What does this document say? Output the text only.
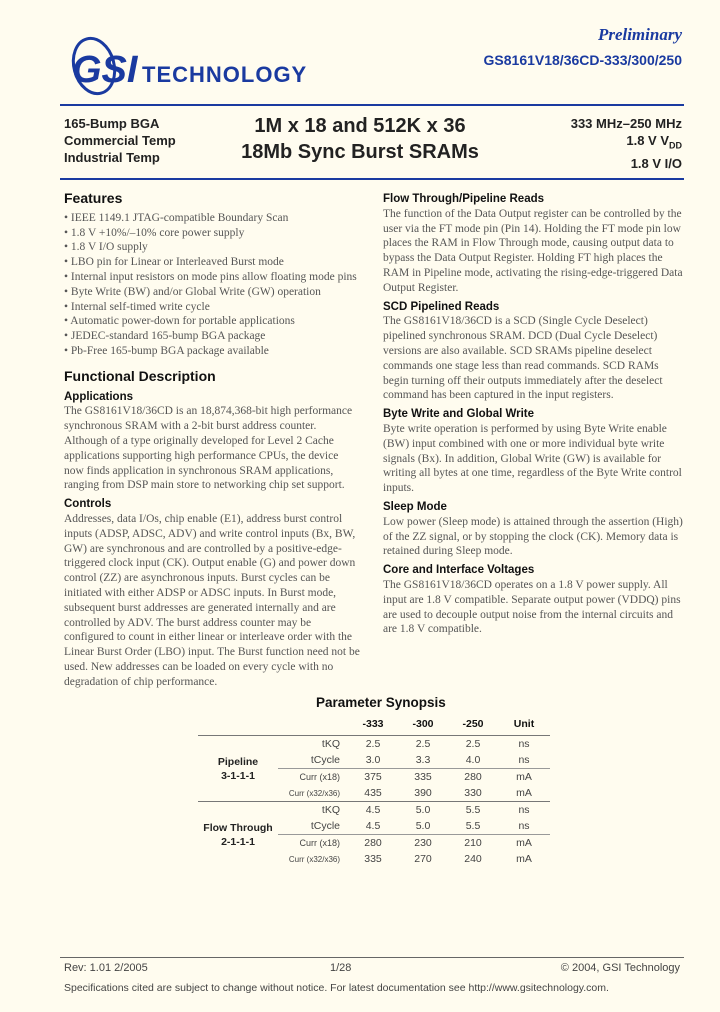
GSI TECHNOLOGY
Preliminary
GS8161V18/36CD-333/300/250
165-Bump BGA
Commercial Temp
Industrial Temp
1M x 18 and 512K x 36
18Mb Sync Burst SRAMs
333 MHz–250 MHz
1.8 V $V_{DD}$
1.8 V I/O
Features
• IEEE 1149.1 JTAG-compatible Boundary Scan
• 1.8 V +10%/–10% core power supply
• 1.8 V I/O supply
• LBO pin for Linear or Interleaved Burst mode
• Internal input resistors on mode pins allow floating mode pins
• Byte Write (BW) and/or Global Write (GW) operation
• Internal self-timed write cycle
• Automatic power-down for portable applications
• JEDEC-standard 165-bump BGA package
• Pb-Free 165-bump BGA package available
Functional Description
Applications
The GS8161V18/36CD is an 18,874,368-bit high performance synchronous SRAM with a 2-bit burst address counter. Although of a type originally developed for Level 2 Cache applications supporting high performance CPUs, the device now finds application in synchronous SRAM applications, ranging from DSP main store to networking chip set support.
Controls
Addresses, data I/Os, chip enable (E1), address burst control inputs (ADSP, ADSC, ADV) and write control inputs (Bx, BW, GW) are synchronous and are controlled by a positive-edge-triggered clock input (CK). Output enable (G) and power down control (ZZ) are asynchronous inputs. Burst cycles can be initiated with either ADSP or ADSC inputs. In Burst mode, subsequent burst addresses are generated internally and are controlled by ADV. The burst address counter may be configured to count in either linear or interleave order with the Linear Burst Order (LBO) input. The Burst function need not be used. New addresses can be loaded on every cycle with no degradation of chip performance.
Flow Through/Pipeline Reads
The function of the Data Output register can be controlled by the user via the FT mode pin (Pin 14). Holding the FT mode pin low places the RAM in Flow Through mode, causing output data to bypass the Data Output Register. Holding FT high places the RAM in Pipeline mode, activating the rising-edge-triggered Data Output Register.
SCD Pipelined Reads
The GS8161V18/36CD is a SCD (Single Cycle Deselect) pipelined synchronous SRAM. DCD (Dual Cycle Deselect) versions are also available. SCD SRAMs pipeline deselect commands one stage less than read commands. SCD RAMs begin turning off their outputs immediately after the deselect command has been captured in the input registers.
Byte Write and Global Write
Byte write operation is performed by using Byte Write enable (BW) input combined with one or more individual byte write signals (Bx). In addition, Global Write (GW) is available for writing all bytes at one time, regardless of the Byte Write control inputs.
Sleep Mode
Low power (Sleep mode) is attained through the assertion (High) of the ZZ signal, or by stopping the clock (CK). Memory data is retained during Sleep mode.
Core and Interface Voltages
The GS8161V18/36CD operates on a 1.8 V power supply. All input are 1.8 V compatible. Separate output power (VDDQ) pins are used to decouple output noise from the internal circuits and are 1.8 V compatible.
Parameter Synopsis
		-333	-300	-250	Unit

Pipeline
3-1-1-1	tKQ	2.5	2.5	2.5	ns
	tCycle	3.0	3.3	4.0	ns
	Curr (x18)	375	335	280	mA
	Curr (x32/x36)	435	390	330	mA

Flow Through
2-1-1-1	tKQ	4.5	5.0	5.5	ns
	tCycle	4.5	5.0	5.5	ns
	Curr (x18)	280	230	210	mA
	Curr (x32/x36)	335	270	240	mA
Rev: 1.01 2/2005	1/28	© 2004, GSI Technology
Specifications cited are subject to change without notice. For latest documentation see http://www.gsitechnology.com.
